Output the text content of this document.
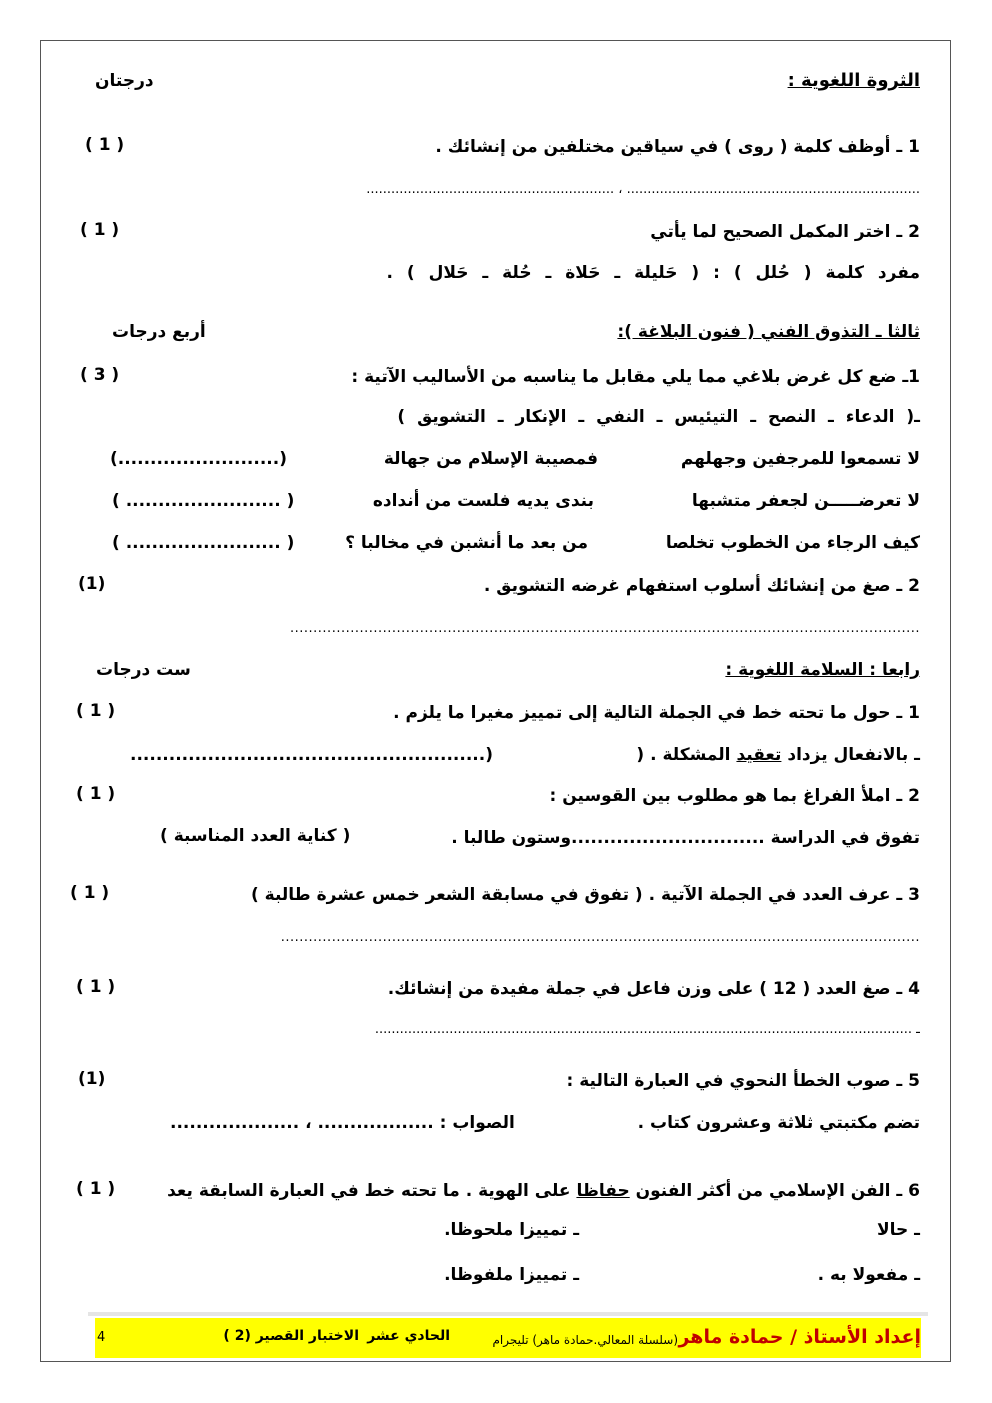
الثروة اللغوية :
درجتان
1 ـ أوظف كلمة ( روى ) في سياقين مختلفين من إنشائك .
( 1 )
....................................................................... ، ............................................................
2 ـ اختر المكمل الصحيح لما يأتي
( 1 )
مفرد كلمة ( حُلل ) : ( حَليلة ـ حَلاة ـ حُلة ـ حَلال ) .
ثالثا ـ التذوق الفني ( فنون البلاغة ):
أربع درجات
1ـ ضع كل غرض بلاغي مما يلي مقابل ما يناسبه من الأساليب الآتية :
( 3 )
ـ( الدعاء ـ النصح ـ التيئيس ـ النفي ـ الإنكار ـ التشويق )
لا تسمعوا للمرجفين وجهلهم
فمصيبة الإسلام من جهالة
(.........................)
لا تعرضـــــن لجعفر متشبها
بندى يديه فلست من أنداده
( ........................ )
كيف الرجاء من الخطوب تخلصا
من بعد ما أنشبن في مخالبا ؟
( ........................ )
2 ـ صغ من إنشائك أسلوب استفهام غرضه التشويق .
(1)
........................................................................................................................................
رابعا : السلامة اللغوية :
ست درجات
1 ـ حول ما تحته خط في الجملة التالية إلى تمييز مغيرا ما يلزم .
( 1 )
ـ بالانفعال يزداد تعقيد المشكلة . (
.......................................................)
2 ـ املأ الفراغ بما هو مطلوب بين القوسين :
( 1 )
تفوق في الدراسة ..............................وستون طالبا .
( كناية العدد المناسبة )
3 ـ عرف العدد في الجملة الآتية . ( تفوق في مسابقة الشعر خمس عشرة طالبة )
( 1 )
..........................................................................................................................................
4 ـ صغ العدد ( 12 ) على وزن فاعل في جملة مفيدة من إنشائك.
( 1 )
ـ ..................................................................................................................................
5 ـ صوب الخطأ النحوي في العبارة التالية :
(1)
تضم مكتبتي ثلاثة وعشرون كتاب .
الصواب : .................. ، ....................
6 ـ الفن الإسلامي من أكثر الفنون حفاظا على الهوية . ما تحته خط في العبارة السابقة يعد
( 1 )
ـ حالا
ـ تمييزا ملحوظا.
ـ مفعولا به .
ـ تمييزا ملفوظا.
إعداد الأستاذ / حمادة ماهر
(سلسلة المعالي.حمادة ماهر) تليجرام
الحادي عشر
الاختبار القصير (2 )
4
